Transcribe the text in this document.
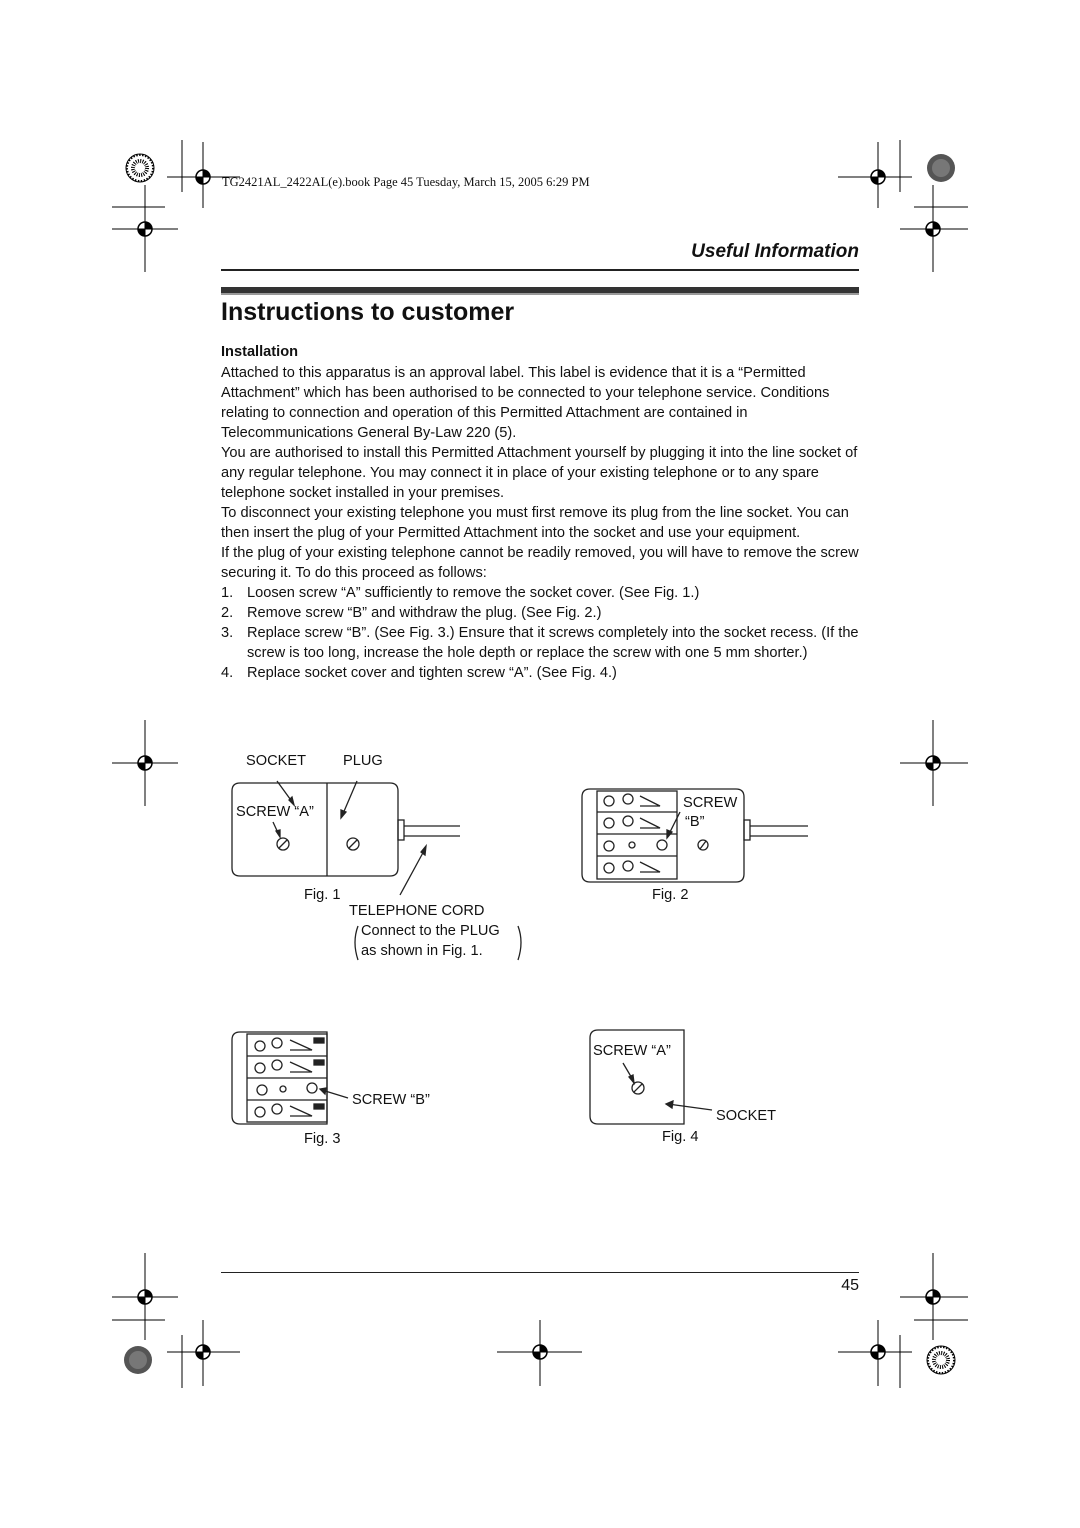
TG2421AL_2422AL(e).book Page 45 Tuesday, March 15, 2005 6:29 PM
Useful Information
Instructions to customer
Installation

Attached to this apparatus is an approval label. This label is evidence that it is a “Permitted Attachment” which has been authorised to be connected to your telephone service. Conditions relating to connection and operation of this Permitted Attachment are contained in Telecommunications General By-Law 220 (5).

You are authorised to install this Permitted Attachment yourself by plugging it into the line socket of any regular telephone. You may connect it in place of your existing telephone or to any spare telephone socket installed in your premises.

To disconnect your existing telephone you must first remove its plug from the line socket. You can then insert the plug of your Permitted Attachment into the socket and use your equipment.

If the plug of your existing telephone cannot be readily removed, you will have to remove the screw securing it. To do this proceed as follows:

1. Loosen screw “A” sufficiently to remove the socket cover. (See Fig. 1.)
2. Remove screw “B” and withdraw the plug. (See Fig. 2.)
3. Replace screw “B”. (See Fig. 3.) Ensure that it screws completely into the socket recess. (If the screw is too long, increase the hole depth or replace the screw with one 5 mm shorter.)
4. Replace socket cover and tighten screw “A”. (See Fig. 4.)
SOCKET	PLUG
SCREW “A”
Fig. 1
TELEPHONE CORD
Connect to the PLUG
as shown in Fig. 1.
SCREW
“B”
Fig. 2
SCREW “B”
Fig. 3
SCREW “A”
SOCKET
Fig. 4
45
